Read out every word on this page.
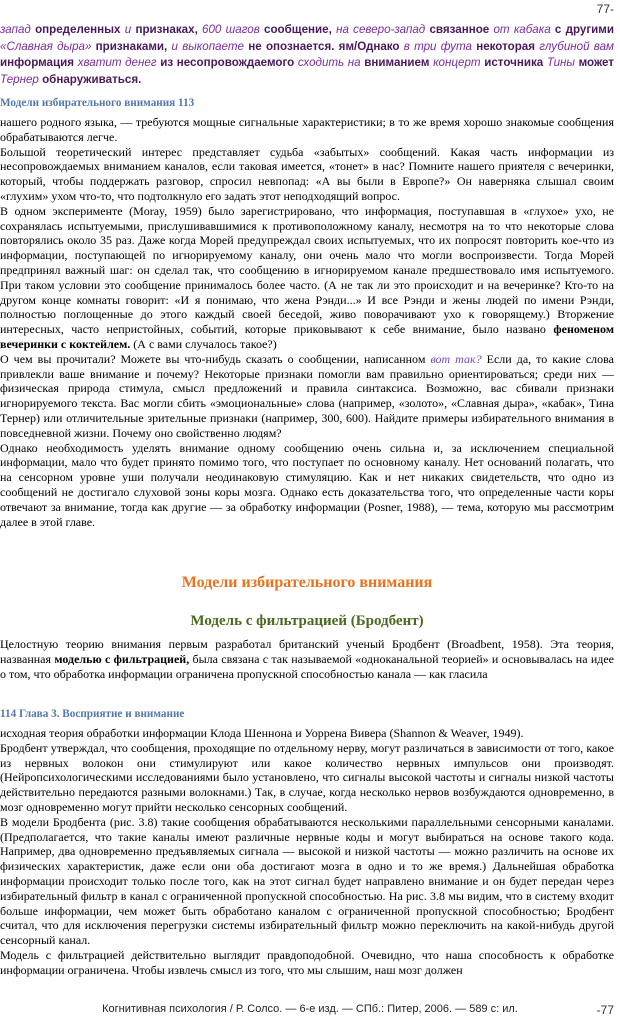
77-

запад определенных и признаках, 600 шагов сообщение, на северо-запад связанное от кабака с другими «Славная дыра» признаками, и выкопаете не опознается. ям/Однако в три фута некоторая глубиной вам информация хватит денег из несопровождаемого сходить на вниманием концерт источника Тины может Тернер обнаруживаться.

Модели избирательного внимания 113

нашего родного языка, — требуются мощные сигнальные характеристики; в то же время хорошо знакомые сообщения обрабатываются легче.

Большой теоретический интерес представляет судьба «забытых» сообщений. Какая часть информации из несопровождаемых вниманием каналов, если таковая имеется, «тонет» в нас? Помните нашего приятеля с вечеринки, который, чтобы поддержать разговор, спросил невпопад: «А вы были в Европе?» Он наверняка слышал своим «глухим» ухом что-то, что подтолкнуло его задать этот неподходящий вопрос.

В одном эксперименте (Moray, 1959) было зарегистрировано, что информация, поступавшая в «глухое» ухо, не сохранялась испытуемыми, прислушивавшимися к противоположному каналу, несмотря на то что некоторые слова повторялись около 35 раз. Даже когда Морей предупреждал своих испытуемых, что их попросят повторить кое-что из информации, поступающей по игнорируемому каналу, они очень мало что могли воспроизвести. Тогда Морей предпринял важный шаг: он сделал так, что сообщению в игнорируемом канале предшествовало имя испытуемого. При таком условии это сообщение принималось более часто. (А не так ли это происходит и на вечеринке? Кто-то на другом конце комнаты говорит: «И я понимаю, что жена Рэнди...» И все Рэнди и жены людей по имени Рэнди, полностью поглощенные до этого каждый своей беседой, живо поворачивают ухо к говорящему.) Вторжение интересных, часто непристойных, событий, которые приковывают к себе внимание, было названо феноменом вечеринки с коктейлем. (А с вами случалось такое?)

О чем вы прочитали? Можете вы что-нибудь сказать о сообщении, написанном вот так? Если да, то какие слова привлекли ваше внимание и почему? Некоторые признаки помогли вам правильно ориентироваться; среди них — физическая природа стимула, смысл предложений и правила синтаксиса. Возможно, вас сбивали признаки игнорируемого текста. Вас могли сбить «эмоциональные» слова (например, «золото», «Славная дыра», «кабак», Тина Тернер) или отличительные зрительные признаки (например, 300, 600). Найдите примеры избирательного внимания в повседневной жизни. Почему оно свойственно людям?

Однако необходимость уделять внимание одному сообщению очень сильна и, за исключением специальной информации, мало что будет принято помимо того, что поступает по основному каналу. Нет оснований полагать, что на сенсорном уровне уши получали неодинаковую стимуляцию. Как и нет никаких свидетельств, что одно из сообщений не достигало слуховой зоны коры мозга. Однако есть доказательства того, что определенные части коры отвечают за внимание, тогда как другие — за обработку информации (Posner, 1988), — тема, которую мы рассмотрим далее в этой главе.

Модели избирательного внимания
Модель с фильтрацией (Бродбент)

Целостную теорию внимания первым разработал британский ученый Бродбент (Broadbent, 1958). Эта теория, названная моделью с фильтрацией, была связана с так называемой «одноканальной теорией» и основывалась на идее о том, что обработка информации ограничена пропускной способностью канала — как гласила

114 Глава 3. Восприятие и внимание

исходная теория обработки информации Клода Шеннона и Уоррена Вивера (Shannon & Weaver, 1949).

Бродбент утверждал, что сообщения, проходящие по отдельному нерву, могут различаться в зависимости от того, какое из нервных волокон они стимулируют или какое количество нервных импульсов они производят. (Нейропсихологическими исследованиями было установлено, что сигналы высокой частоты и сигналы низкой частоты действительно передаются разными волокнами.) Так, в случае, когда несколько нервов возбуждаются одновременно, в мозг одновременно могут прийти несколько сенсорных сообщений.

В модели Бродбента (рис. 3.8) такие сообщения обрабатываются несколькими параллельными сенсорными каналами. (Предполагается, что такие каналы имеют различные нервные коды и могут выбираться на основе такого кода. Например, два одновременно предъявляемых сигнала — высокой и низкой частоты — можно различить на основе их физических характеристик, даже если они оба достигают мозга в одно и то же время.) Дальнейшая обработка информации происходит только после того, как на этот сигнал будет направлено внимание и он будет передан через избирательный фильтр в канал с ограниченной пропускной способностью. На рис. 3.8 мы видим, что в систему входит больше информации, чем может быть обработано каналом с ограниченной пропускной способностью; Бродбент считал, что для исключения перегрузки системы избирательный фильтр можно переключить на какой-нибудь другой сенсорный канал.

Модель с фильтрацией действительно выглядит правдоподобной. Очевидно, что наша способность к обработке информации ограничена. Чтобы извлечь смысл из того, что мы слышим, наш мозг должен

Когнитивная психология / Р. Солсо. — 6-е изд. — СПб.: Питер, 2006. — 589 с: ил.	-77
